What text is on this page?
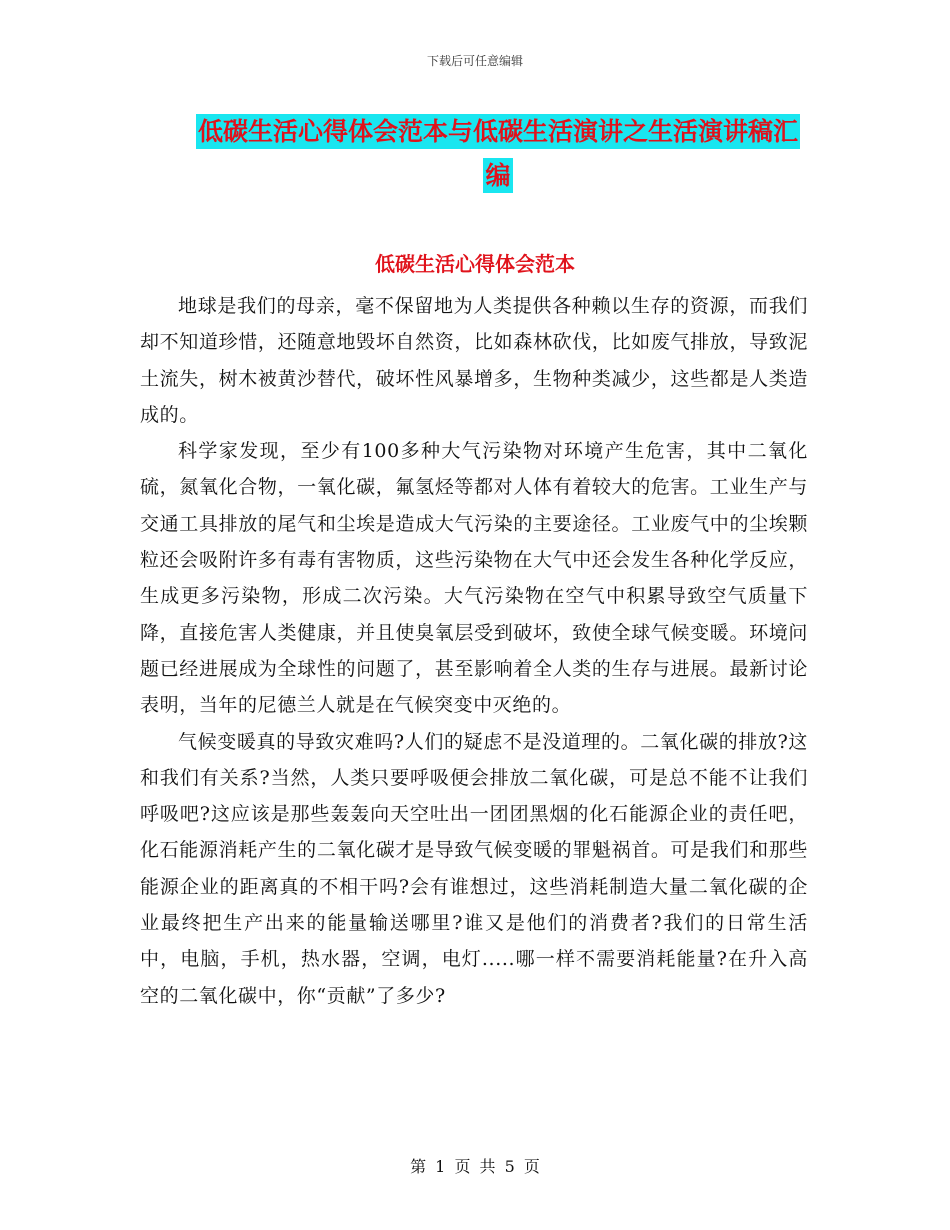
下载后可任意编辑
低碳生活心得体会范本与低碳生活演讲之生活演讲稿汇编
低碳生活心得体会范本

地球是我们的母亲，毫不保留地为人类提供各种赖以生存的资源，而我们却不知道珍惜，还随意地毁坏自然资，比如森林砍伐，比如废气排放，导致泥土流失，树木被黄沙替代，破坏性风暴增多，生物种类减少，这些都是人类造成的。

科学家发现，至少有100多种大气污染物对环境产生危害，其中二氧化硫，氮氧化合物，一氧化碳，氟氢烃等都对人体有着较大的危害。工业生产与交通工具排放的尾气和尘埃是造成大气污染的主要途径。工业废气中的尘埃颗粒还会吸附许多有毒有害物质，这些污染物在大气中还会发生各种化学反应，生成更多污染物，形成二次污染。大气污染物在空气中积累导致空气质量下降，直接危害人类健康，并且使臭氧层受到破坏，致使全球气候变暖。环境问题已经进展成为全球性的问题了，甚至影响着全人类的生存与进展。最新讨论表明，当年的尼德兰人就是在气候突变中灭绝的。

气候变暖真的导致灾难吗?人们的疑虑不是没道理的。二氧化碳的排放?这和我们有关系?当然，人类只要呼吸便会排放二氧化碳，可是总不能不让我们呼吸吧?这应该是那些轰轰向天空吐出一团团黑烟的化石能源企业的责任吧，化石能源消耗产生的二氧化碳才是导致气候变暖的罪魁祸首。可是我们和那些能源企业的距离真的不相干吗?会有谁想过，这些消耗制造大量二氧化碳的企业最终把生产出来的能量输送哪里?谁又是他们的消费者?我们的日常生活中，电脑，手机，热水器，空调，电灯.....哪一样不需要消耗能量?在升入高空的二氧化碳中，你“贡献”了多少?

第 1 页 共 5 页
